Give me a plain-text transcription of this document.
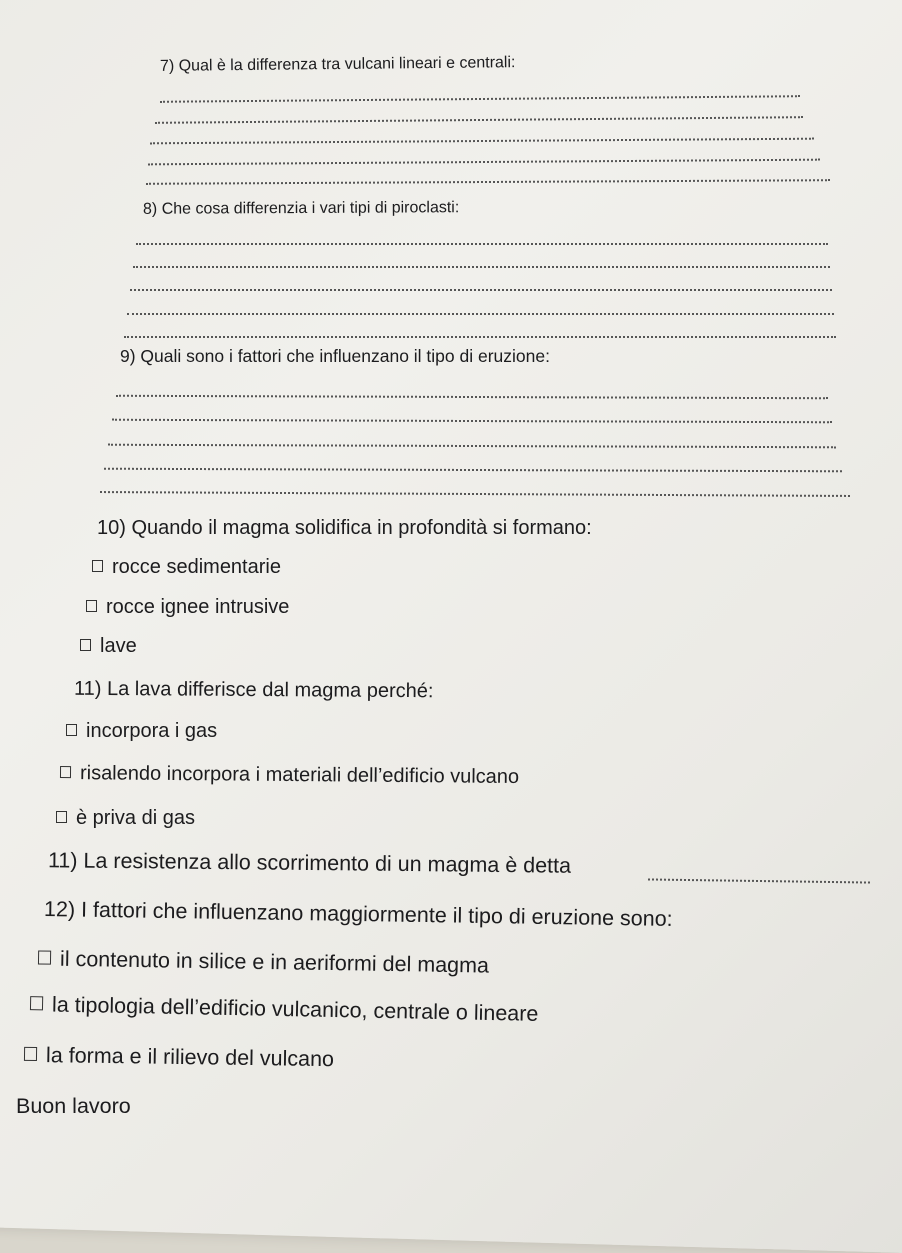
7) Qual è la differenza tra vulcani lineari e centrali:
8) Che cosa differenzia i vari tipi di piroclasti:
9) Quali sono i fattori che influenzano il tipo di eruzione:
10) Quando il magma solidifica in profondità si formano:
rocce sedimentarie
rocce ignee intrusive
lave
11) La lava differisce dal magma perché:
incorpora i gas
risalendo incorpora i materiali dell’edificio vulcano
è priva di gas
11) La resistenza allo scorrimento di un magma è detta
12) I fattori che influenzano maggiormente il tipo di eruzione sono:
il contenuto in silice e in aeriformi del magma
la tipologia dell’edificio vulcanico, centrale o lineare
la forma e il rilievo del vulcano
Buon lavoro
